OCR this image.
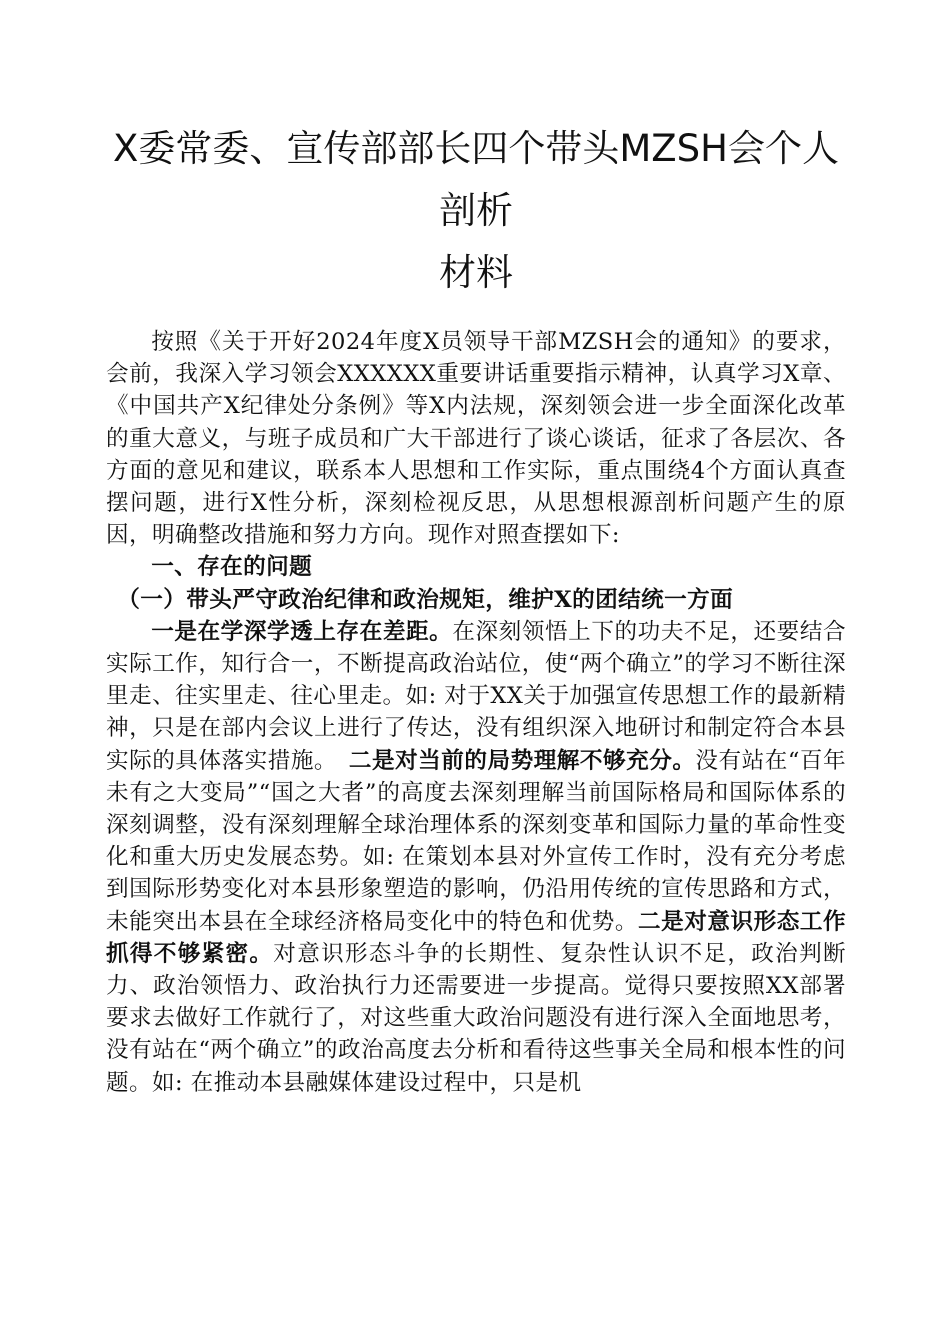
X委常委、宣传部部长四个带头MZSH会个人剖析
材料

按照《关于开好2024年度X员领导干部MZSH会的通知》的要求，会前，我深入学习领会XXXXXX重要讲话重要指示精神，认真学习X章、《中国共产X纪律处分条例》等X内法规，深刻领会进一步全面深化改革的重大意义，与班子成员和广大干部进行了谈心谈话，征求了各层次、各方面的意见和建议，联系本人思想和工作实际，重点围绕4个方面认真查摆问题，进行X性分析，深刻检视反思，从思想根源剖析问题产生的原因，明确整改措施和努力方向。现作对照查摆如下:

一、存在的问题

（一）带头严守政治纪律和政治规矩，维护X的团结统一方面

一是在学深学透上存在差距。在深刻领悟上下的功夫不足，还要结合实际工作，知行合一，不断提高政治站位，使“两个确立”的学习不断往深里走、往实里走、往心里走。如: 对于XX关于加强宣传思想工作的最新精神，只是在部内会议上进行了传达，没有组织深入地研讨和制定符合本县实际的具体落实措施。　二是对当前的局势理解不够充分。没有站在“百年未有之大变局”“国之大者”的高度去深刻理解当前国际格局和国际体系的深刻调整，没有深刻理解全球治理体系的深刻变革和国际力量的革命性变化和重大历史发展态势。如: 在策划本县对外宣传工作时，没有充分考虑到国际形势变化对本县形象塑造的影响，仍沿用传统的宣传思路和方式，未能突出本县在全球经济格局变化中的特色和优势。二是对意识形态工作抓得不够紧密。对意识形态斗争的长期性、复杂性认识不足，政治判断力、政治领悟力、政治执行力还需要进一步提高。觉得只要按照XX部署要求去做好工作就行了，对这些重大政治问题没有进行深入全面地思考，没有站在“两个确立”的政治高度去分析和看待这些事关全局和根本性的问题。如: 在推动本县融媒体建设过程中，只是机
